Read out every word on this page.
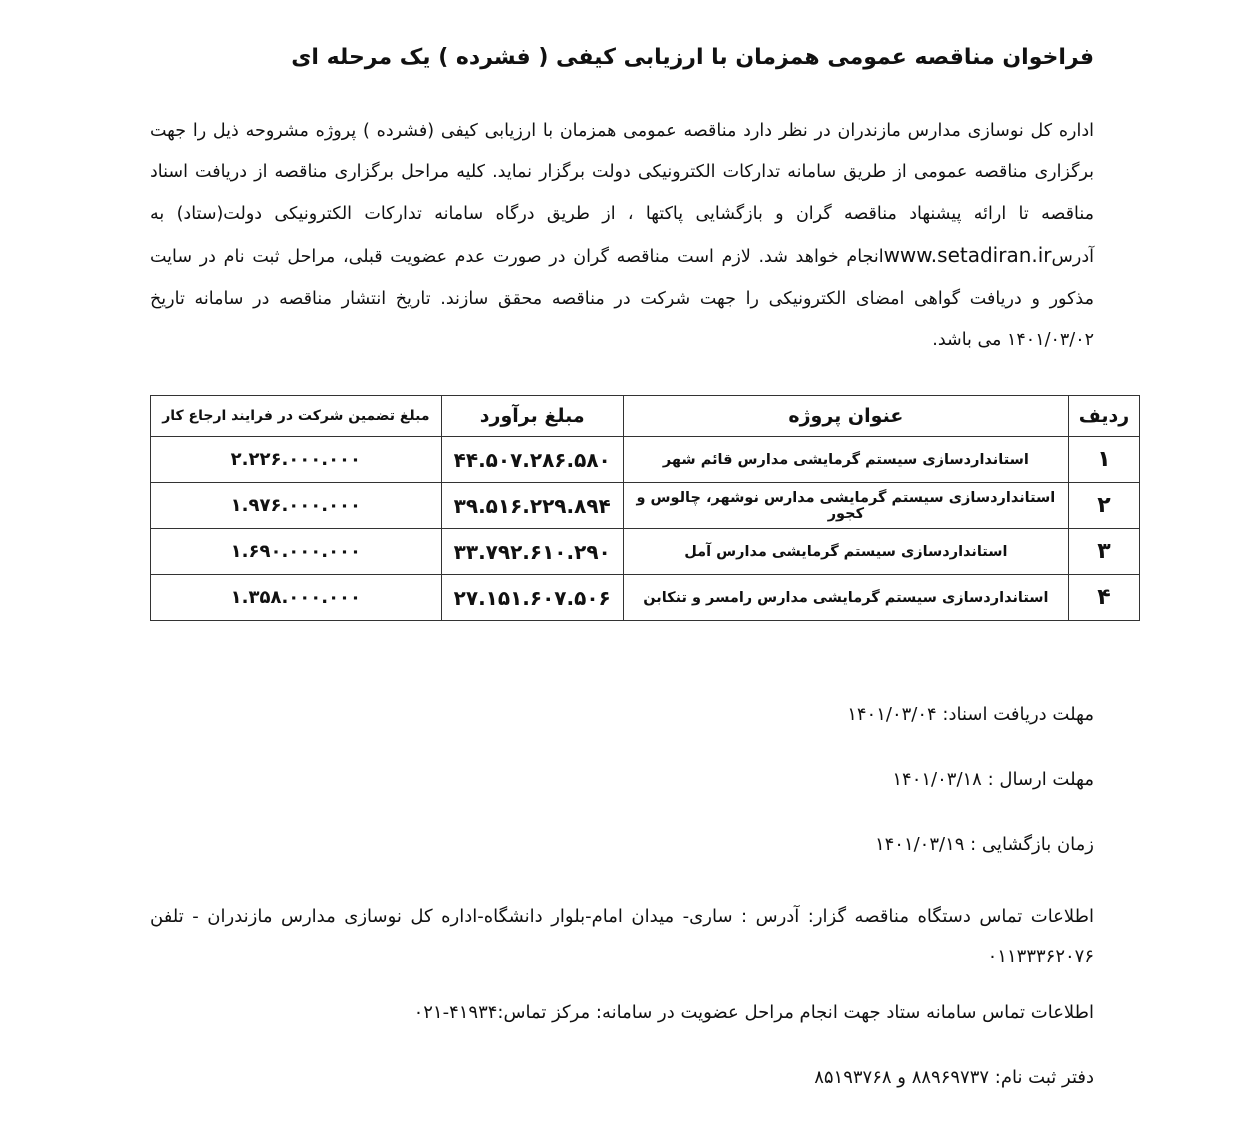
فراخوان مناقصه عمومی همزمان با ارزیابی کیفی ( فشرده ) یک مرحله ای

اداره کل نوسازی مدارس مازندران در نظر دارد مناقصه عمومی همزمان با ارزیابی کیفی (فشرده ) پروژه مشروحه ذیل را جهت برگزاری مناقصه عمومی از طریق سامانه تدارکات الکترونیکی دولت برگزار نماید. کلیه مراحل برگزاری مناقصه از دریافت اسناد مناقصه تا ارائه پیشنهاد مناقصه گران و بازگشایی پاکتها ، از طریق درگاه سامانه تدارکات الکترونیکی دولت(ستاد) به آدرسwww.setadiran.irانجام خواهد شد. لازم است مناقصه گران در صورت عدم عضویت قبلی، مراحل ثبت نام در سایت مذکور و دریافت گواهی امضای الکترونیکی را جهت شرکت در مناقصه محقق سازند. تاریخ انتشار مناقصه در سامانه تاریخ ۱۴۰۱/۰۳/۰۲ می باشد.

ردیف	عنوان پروژه	مبلغ برآورد	مبلغ تضمین شرکت در فرایند ارجاع کار
۱	استانداردسازی سیستم گرمایشی مدارس قائم شهر	۴۴.۵۰۷.۲۸۶.۵۸۰	۲.۲۲۶.۰۰۰.۰۰۰
۲	استانداردسازی سیستم گرمایشی مدارس نوشهر، چالوس و کجور	۳۹.۵۱۶.۲۲۹.۸۹۴	۱.۹۷۶.۰۰۰.۰۰۰
۳	استانداردسازی سیستم گرمایشی مدارس آمل	۳۳.۷۹۲.۶۱۰.۲۹۰	۱.۶۹۰.۰۰۰.۰۰۰
۴	استانداردسازی سیستم گرمایشی مدارس رامسر و تنکابن	۲۷.۱۵۱.۶۰۷.۵۰۶	۱.۳۵۸.۰۰۰.۰۰۰

مهلت دریافت اسناد: ۱۴۰۱/۰۳/۰۴

مهلت ارسال : ۱۴۰۱/۰۳/۱۸

زمان بازگشایی : ۱۴۰۱/۰۳/۱۹

اطلاعات تماس دستگاه مناقصه گزار: آدرس : ساری- میدان امام-بلوار دانشگاه-اداره کل نوسازی مدارس مازندران - تلفن ۰۱۱۳۳۳۶۲۰۷۶

اطلاعات تماس سامانه ستاد جهت انجام مراحل عضویت در سامانه: مرکز تماس:۴۱۹۳۴-۰۲۱

دفتر ثبت نام: ۸۸۹۶۹۷۳۷ و ۸۵۱۹۳۷۶۸
